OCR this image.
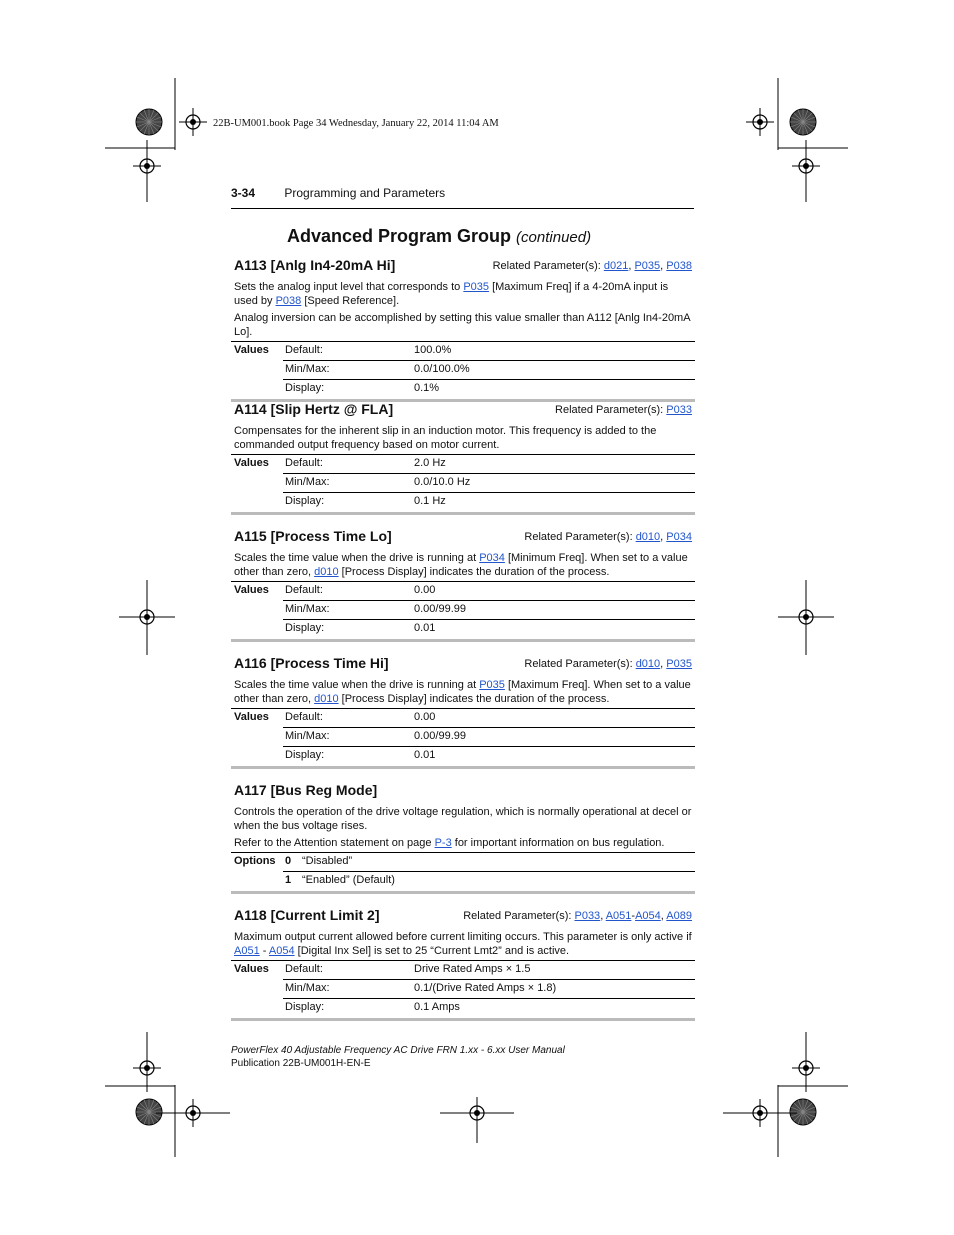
22B-UM001.book Page 34 Wednesday, January 22, 2014 11:04 AM
3-34 Programming and Parameters
Advanced Program Group (continued)
A113 [Anlg In4-20mA Hi]	Related Parameter(s): d021, P035, P038
Sets the analog input level that corresponds to P035 [Maximum Freq] if a 4-20mA input is used by P038 [Speed Reference].
Analog inversion can be accomplished by setting this value smaller than A112 [Anlg In4-20mA Lo].
Values Default:	100.0%
Min/Max:	0.0/100.0%
Display:	0.1%
A114 [Slip Hertz @ FLA]	Related Parameter(s): P033
Compensates for the inherent slip in an induction motor. This frequency is added to the commanded output frequency based on motor current.
Values Default:	2.0 Hz
Min/Max:	0.0/10.0 Hz
Display:	0.1 Hz
A115 [Process Time Lo]	Related Parameter(s): d010, P034
Scales the time value when the drive is running at P034 [Minimum Freq]. When set to a value other than zero, d010 [Process Display] indicates the duration of the process.
Values Default:	0.00
Min/Max:	0.00/99.99
Display:	0.01
A116 [Process Time Hi]	Related Parameter(s): d010, P035
Scales the time value when the drive is running at P035 [Maximum Freq]. When set to a value other than zero, d010 [Process Display] indicates the duration of the process.
Values Default:	0.00
Min/Max:	0.00/99.99
Display:	0.01
A117 [Bus Reg Mode]
Controls the operation of the drive voltage regulation, which is normally operational at decel or when the bus voltage rises.
Refer to the Attention statement on page P-3 for important information on bus regulation.
Options 0 “Disabled”
1 “Enabled” (Default)
A118 [Current Limit 2]	Related Parameter(s): P033, A051-A054, A089
Maximum output current allowed before current limiting occurs. This parameter is only active if A051 - A054 [Digital Inx Sel] is set to 25 “Current Lmt2” and is active.
Values Default:	Drive Rated Amps × 1.5
Min/Max:	0.1/(Drive Rated Amps × 1.8)
Display:	0.1 Amps
PowerFlex 40 Adjustable Frequency AC Drive FRN 1.xx - 6.xx User Manual
Publication 22B-UM001H-EN-E
